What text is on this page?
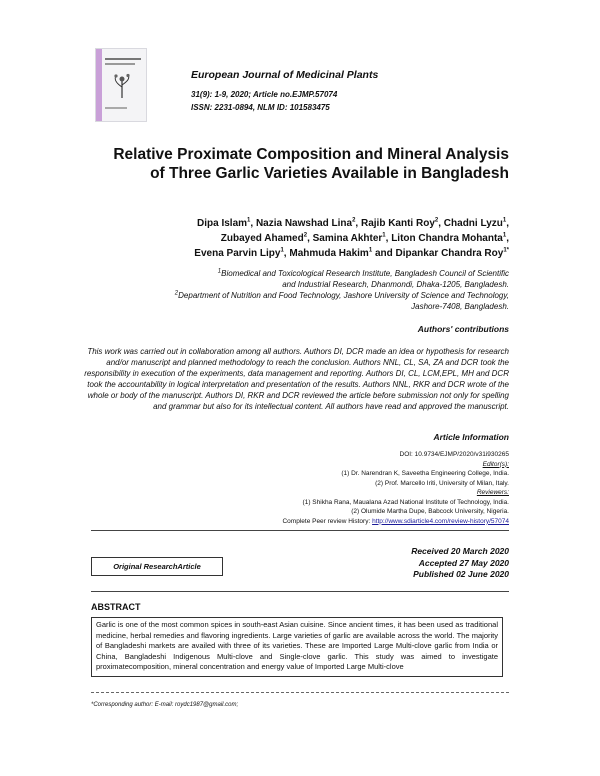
European Journal of Medicinal Plants
31(9): 1-9, 2020; Article no.EJMP.57074
ISSN: 2231-0894, NLM ID: 101583475
Relative Proximate Composition and Mineral Analysis of Three Garlic Varieties Available in Bangladesh
Dipa Islam$^1$, Nazia Nawshad Lina$^2$, Rajib Kanti Roy$^2$, Chadni Lyzu$^1$,
Zubayed Ahamed$^2$, Samina Akhter$^1$, Liton Chandra Mohanta$^1$,
Evena Parvin Lipy$^1$, Mahmuda Hakim$^1$ and Dipankar Chandra Roy$^{1*}$
$^1$Biomedical and Toxicological Research Institute, Bangladesh Council of Scientific
and Industrial Research, Dhanmondi, Dhaka-1205, Bangladesh.
$^2$Department of Nutrition and Food Technology, Jashore University of Science and Technology,
Jashore-7408, Bangladesh.
Authors' contributions
This work was carried out in collaboration among all authors. Authors DI, DCR made an idea or hypothesis for research and/or manuscript and planned methodology to reach the conclusion. Authors NNL, CL, SA, ZA and DCR took the responsibility in execution of the experiments, data management and reporting. Authors DI, CL, LCM,EPL, MH and DCR took the accountability in logical interpretation and presentation of the results. Authors NNL, RKR and DCR wrote of the whole or body of the manuscript. Authors DI, RKR and DCR reviewed the article before submission not only for spelling and grammar but also for its intellectual content. All authors have read and approved the manuscript.
Article Information
DOI: 10.9734/EJMP/2020/v31i930265
Editor(s):
(1) Dr. Narendran K, Saveetha Engineering College, India.
(2) Prof. Marcello Iriti, University of Milan, Italy.
Reviewers:
(1) Shikha Rana, Maualana Azad National Institute of Technology, India.
(2) Olumide Martha Dupe, Babcock University, Nigeria.
Complete Peer review History: http://www.sdiarticle4.com/review-history/57074
Original ResearchArticle
Received 20 March 2020
Accepted 27 May 2020
Published 02 June 2020
ABSTRACT
Garlic is one of the most common spices in south-east Asian cuisine. Since ancient times, it has been used as traditional medicine, herbal remedies and flavoring ingredients. Large varieties of garlic are available across the world. The majority of Bangladeshi markets are availed with three of its varieties. These are Imported Large Multi-clove garlic from India or China, Bangladeshi Indigenous Multi-clove and Single-clove garlic. This study was aimed to investigate proximatecomposition, mineral concentration and energy value of Imported Large Multi-clove
*Corresponding author: E-mail: roydc1987@gmail.com;
